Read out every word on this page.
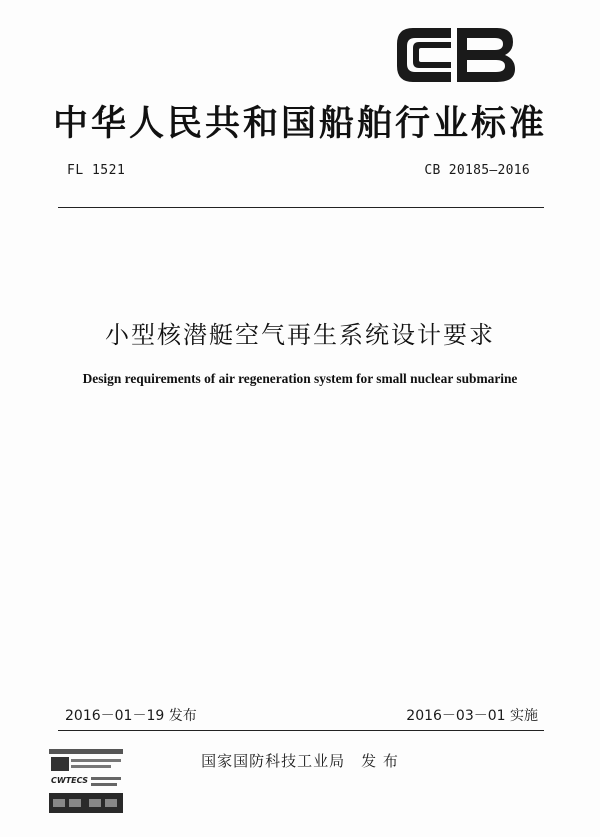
中华人民共和国船舶行业标准
FL 1521	CB 20185—2016
小型核潜艇空气再生系统设计要求
Design requirements of air regeneration system for small nuclear submarine
2016－01－19 发布	2016－03－01 实施
国家国防科技工业局　发 布
CWTECS
